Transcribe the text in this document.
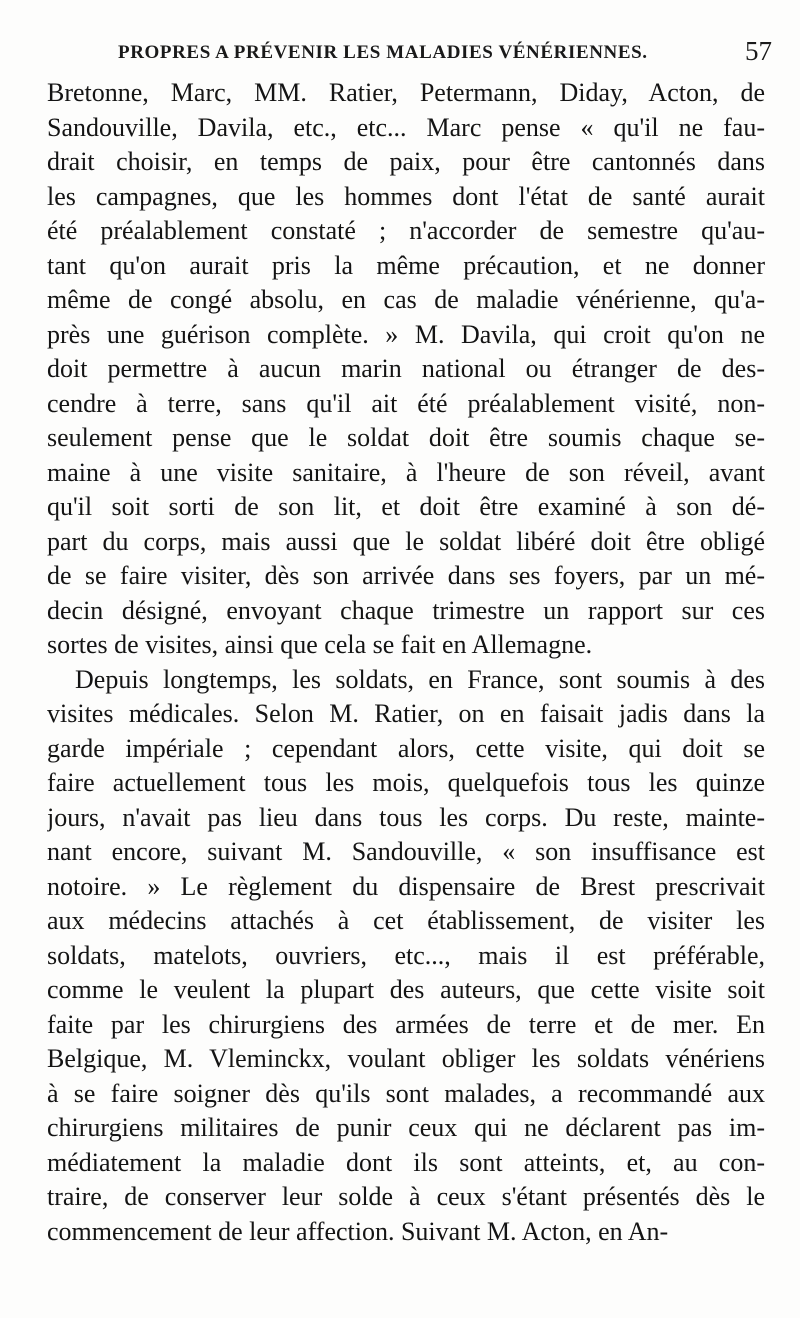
PROPRES A PRÉVENIR LES MALADIES VÉNÉRIENNES.	57
Bretonne, Marc, MM. Ratier, Petermann, Diday, Acton, de
Sandouville, Davila, etc., etc... Marc pense « qu'il ne fau-
drait choisir, en temps de paix, pour être cantonnés dans
les campagnes, que les hommes dont l'état de santé aurait
été préalablement constaté ; n'accorder de semestre qu'au-
tant qu'on aurait pris la même précaution, et ne donner
même de congé absolu, en cas de maladie vénérienne, qu'a-
près une guérison complète. » M. Davila, qui croit qu'on ne
doit permettre à aucun marin national ou étranger de des-
cendre à terre, sans qu'il ait été préalablement visité, non-
seulement pense que le soldat doit être soumis chaque se-
maine à une visite sanitaire, à l'heure de son réveil, avant
qu'il soit sorti de son lit, et doit être examiné à son dé-
part du corps, mais aussi que le soldat libéré doit être obligé
de se faire visiter, dès son arrivée dans ses foyers, par un mé-
decin désigné, envoyant chaque trimestre un rapport sur ces
sortes de visites, ainsi que cela se fait en Allemagne.
Depuis longtemps, les soldats, en France, sont soumis à des
visites médicales. Selon M. Ratier, on en faisait jadis dans la
garde impériale ; cependant alors, cette visite, qui doit se
faire actuellement tous les mois, quelquefois tous les quinze
jours, n'avait pas lieu dans tous les corps. Du reste, mainte-
nant encore, suivant M. Sandouville, « son insuffisance est
notoire. » Le règlement du dispensaire de Brest prescrivait
aux médecins attachés à cet établissement, de visiter les
soldats, matelots, ouvriers, etc..., mais il est préférable,
comme le veulent la plupart des auteurs, que cette visite soit
faite par les chirurgiens des armées de terre et de mer. En
Belgique, M. Vleminckx, voulant obliger les soldats vénériens
à se faire soigner dès qu'ils sont malades, a recommandé aux
chirurgiens militaires de punir ceux qui ne déclarent pas im-
médiatement la maladie dont ils sont atteints, et, au con-
traire, de conserver leur solde à ceux s'étant présentés dès le
commencement de leur affection. Suivant M. Acton, en An-
